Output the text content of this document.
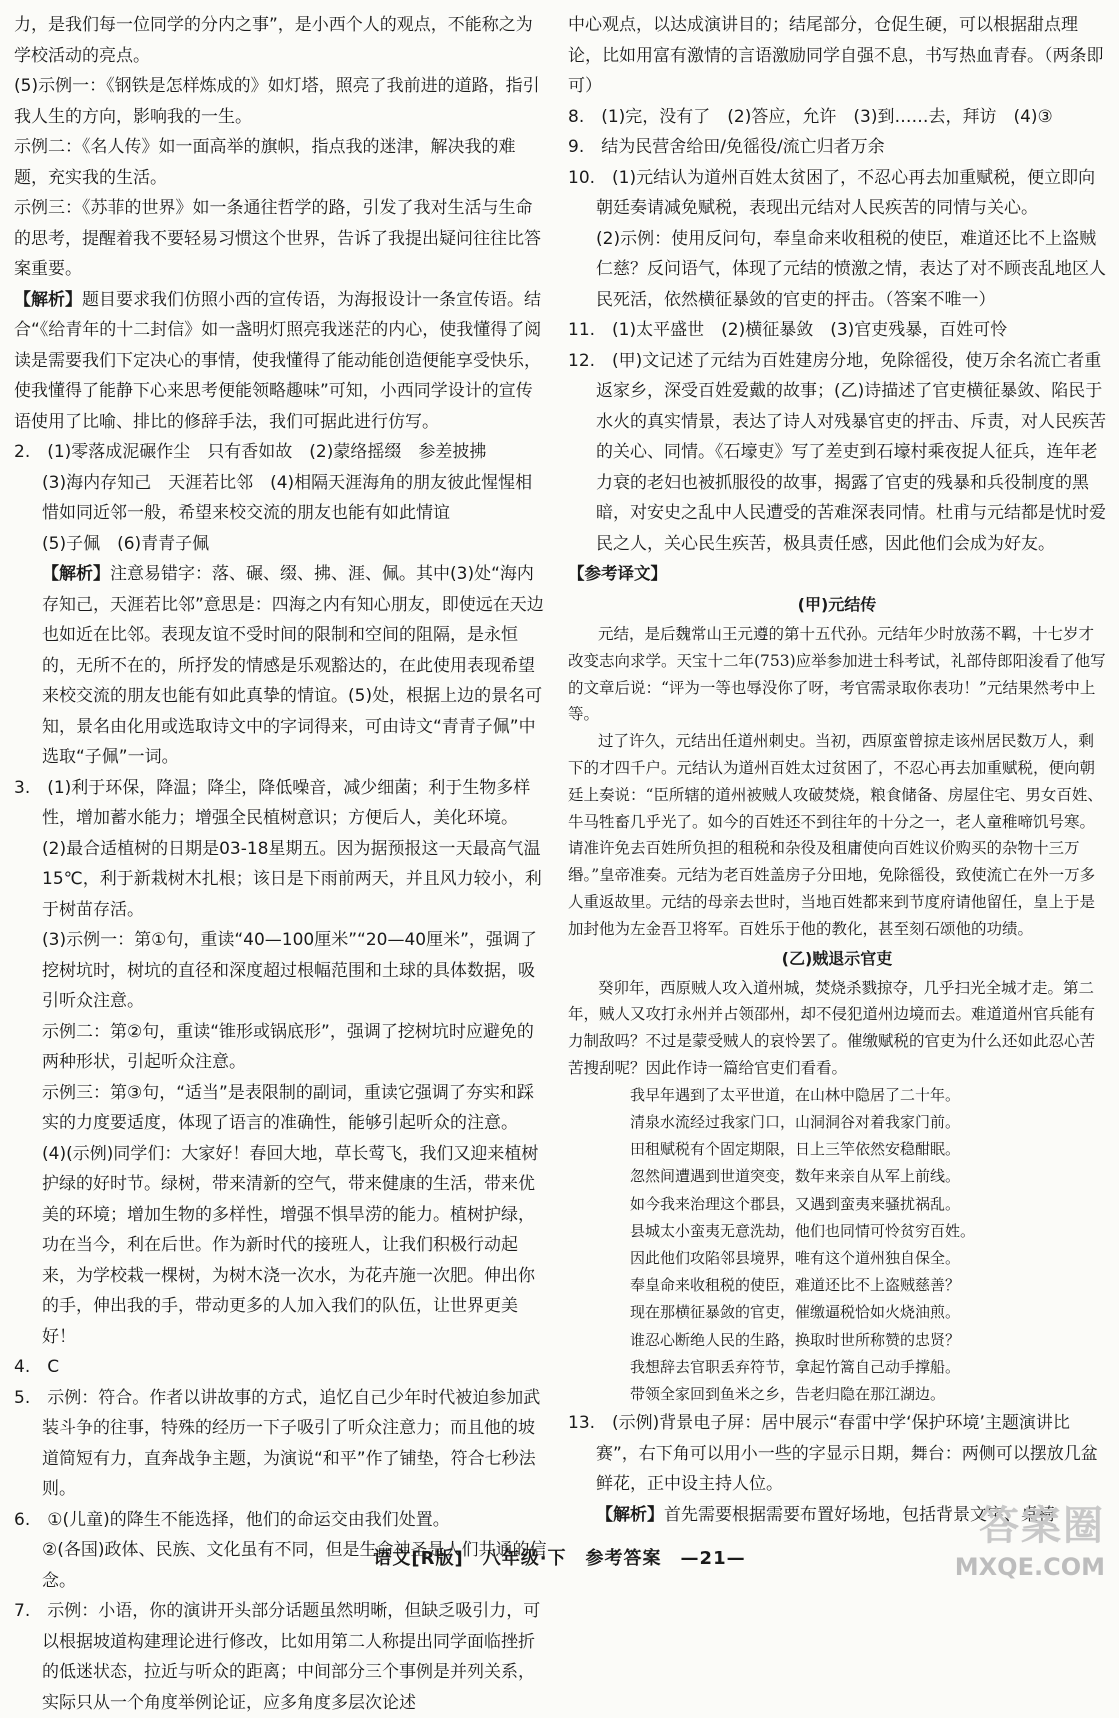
力，是我们每一位同学的分内之事”，是小西个人的观点，不能称之为学校活动的亮点。

(5)示例一：《钢铁是怎样炼成的》如灯塔，照亮了我前进的道路，指引我人生的方向，影响我的一生。

示例二：《名人传》如一面高举的旗帜，指点我的迷津，解决我的难题，充实我的生活。

示例三：《苏菲的世界》如一条通往哲学的路，引发了我对生活与生命的思考，提醒着我不要轻易习惯这个世界，告诉了我提出疑问往往比答案重要。

【解析】题目要求我们仿照小西的宣传语，为海报设计一条宣传语。结合“《给青年的十二封信》如一盏明灯照亮我迷茫的内心，使我懂得了阅读是需要我们下定决心的事情，使我懂得了能动能创造便能享受快乐，使我懂得了能静下心来思考便能领略趣味”可知，小西同学设计的宣传语使用了比喻、排比的修辞手法，我们可据此进行仿写。

2.　(1)零落成泥碾作尘　只有香如故　(2)蒙络摇缀　参差披拂

(3)海内存知己　天涯若比邻　(4)相隔天涯海角的朋友彼此惺惺相惜如同近邻一般，希望来校交流的朋友也能有如此情谊

(5)子佩　(6)青青子佩

【解析】注意易错字：落、碾、缀、拂、涯、佩。其中(3)处“海内存知己，天涯若比邻”意思是：四海之内有知心朋友，即使远在天边也如近在比邻。表现友谊不受时间的限制和空间的阻隔，是永恒的，无所不在的，所抒发的情感是乐观豁达的，在此使用表现希望来校交流的朋友也能有如此真挚的情谊。(5)处，根据上边的景名可知，景名由化用或选取诗文中的字词得来，可由诗文“青青子佩”中选取“子佩”一词。

3.　(1)利于环保，降温；降尘，降低噪音，减少细菌；利于生物多样性，增加蓄水能力；增强全民植树意识；方便后人，美化环境。

(2)最合适植树的日期是03-18星期五。因为据预报这一天最高气温15℃，利于新栽树木扎根；该日是下雨前两天，并且风力较小，利于树苗存活。

(3)示例一：第①句，重读“40—100厘米”“20—40厘米”，强调了挖树坑时，树坑的直径和深度超过根幅范围和土球的具体数据，吸引听众注意。

示例二：第②句，重读“锥形或锅底形”，强调了挖树坑时应避免的两种形状，引起听众注意。

示例三：第③句，“适当”是表限制的副词，重读它强调了夯实和踩实的力度要适度，体现了语言的准确性，能够引起听众的注意。

(4)(示例)同学们：大家好！春回大地，草长莺飞，我们又迎来植树护绿的好时节。绿树，带来清新的空气，带来健康的生活，带来优美的环境；增加生物的多样性，增强不惧旱涝的能力。植树护绿，功在当今，利在后世。作为新时代的接班人，让我们积极行动起来，为学校栽一棵树，为树木浇一次水，为花卉施一次肥。伸出你的手，伸出我的手，带动更多的人加入我们的队伍，让世界更美好！

4.　C

5.　示例：符合。作者以讲故事的方式，追忆自己少年时代被迫参加武装斗争的往事，特殊的经历一下子吸引了听众注意力；而且他的坡道简短有力，直奔战争主题，为演说“和平”作了铺垫，符合七秒法则。

6.　①(儿童)的降生不能选择，他们的命运交由我们处置。

②(各国)政体、民族、文化虽有不同，但是生命神圣是人们共通的信念。

7.　示例：小语，你的演讲开头部分话题虽然明晰，但缺乏吸引力，可以根据坡道构建理论进行修改，比如用第二人称提出同学面临挫折的低迷状态，拉近与听众的距离；中间部分三个事例是并列关系，实际只从一个角度举例论证，应多角度多层次论述

中心观点，以达成演讲目的；结尾部分，仓促生硬，可以根据甜点理论，比如用富有激情的言语激励同学自强不息，书写热血青春。（两条即可）

8.　(1)完，没有了　(2)答应，允许　(3)到……去，拜访　(4)③

9.　结为民营舍给田/免徭役/流亡归者万余

10.　(1)元结认为道州百姓太贫困了，不忍心再去加重赋税，便立即向朝廷奏请减免赋税，表现出元结对人民疾苦的同情与关心。

(2)示例：使用反问句，奉皇命来收租税的使臣，难道还比不上盗贼仁慈？反问语气，体现了元结的愤激之情，表达了对不顾丧乱地区人民死活，依然横征暴敛的官吏的抨击。（答案不唯一）

11.　(1)太平盛世　(2)横征暴敛　(3)官吏残暴，百姓可怜

12.　(甲)文记述了元结为百姓建房分地，免除徭役，使万余名流亡者重返家乡，深受百姓爱戴的故事；(乙)诗描述了官吏横征暴敛、陷民于水火的真实情景，表达了诗人对残暴官吏的抨击、斥责，对人民疾苦的关心、同情。《石壕吏》写了差吏到石壕村乘夜捉人征兵，连年老力衰的老妇也被抓服役的故事，揭露了官吏的残暴和兵役制度的黑暗，对安史之乱中人民遭受的苦难深表同情。杜甫与元结都是忧时爱民之人，关心民生疾苦，极具责任感，因此他们会成为好友。

【参考译文】
(甲)元结传

元结，是后魏常山王元遵的第十五代孙。元结年少时放荡不羁，十七岁才改变志向求学。天宝十二年(753)应举参加进士科考试，礼部侍郎阳浚看了他写的文章后说：“评为一等也辱没你了呀，考官需录取你表功！”元结果然考中上等。

过了许久，元结出任道州刺史。当初，西原蛮曾掠走该州居民数万人，剩下的才四千户。元结认为道州百姓太过贫困了，不忍心再去加重赋税，便向朝廷上奏说：“臣所辖的道州被贼人攻破焚烧，粮食储备、房屋住宅、男女百姓、牛马牲畜几乎光了。如今的百姓还不到往年的十分之一，老人童稚啼饥号寒。请准许免去百姓所负担的租税和杂役及租庸使向百姓议价购买的杂物十三万缗。”皇帝准奏。元结为老百姓盖房子分田地，免除徭役，致使流亡在外一万多人重返故里。元结的母亲去世时，当地百姓都来到节度府请他留任，皇上于是加封他为左金吾卫将军。百姓乐于他的教化，甚至刻石颂他的功绩。

(乙)贼退示官吏

癸卯年，西原贼人攻入道州城，焚烧杀戮掠夺，几乎扫光全城才走。第二年，贼人又攻打永州并占领邵州，却不侵犯道州边境而去。难道道州官兵能有力制敌吗？不过是蒙受贼人的哀怜罢了。催缴赋税的官吏为什么还如此忍心苦苦搜刮呢？因此作诗一篇给官吏们看看。

我早年遇到了太平世道，在山林中隐居了二十年。
清泉水流经过我家门口，山洞洞谷对着我家门前。
田租赋税有个固定期限，日上三竿依然安稳酣眠。
忽然间遭遇到世道突变，数年来亲自从军上前线。
如今我来治理这个郡县，又遇到蛮夷来骚扰祸乱。
县城太小蛮夷无意洗劫，他们也同情可怜贫穷百姓。
因此他们攻陷邻县境界，唯有这个道州独自保全。
奉皇命来收租税的使臣，难道还比不上盗贼慈善？
现在那横征暴敛的官吏，催缴逼税恰如火烧油煎。
谁忍心断绝人民的生路，换取时世所称赞的忠贤？
我想辞去官职丢弃符节，拿起竹篙自己动手撑船。
带领全家回到鱼米之乡，告老归隐在那江湖边。

13.　(示例)背景电子屏：居中展示“春雷中学‘保护环境’主题演讲比赛”，右下角可以用小一些的字显示日期，舞台：两侧可以摆放几盆鲜花，正中设主持人位。

【解析】首先需要根据需要布置好场地，包括背景文字、桌椅

语文[R版]　八年级·下　参考答案　—21—
答案圈
MXQE.COM
